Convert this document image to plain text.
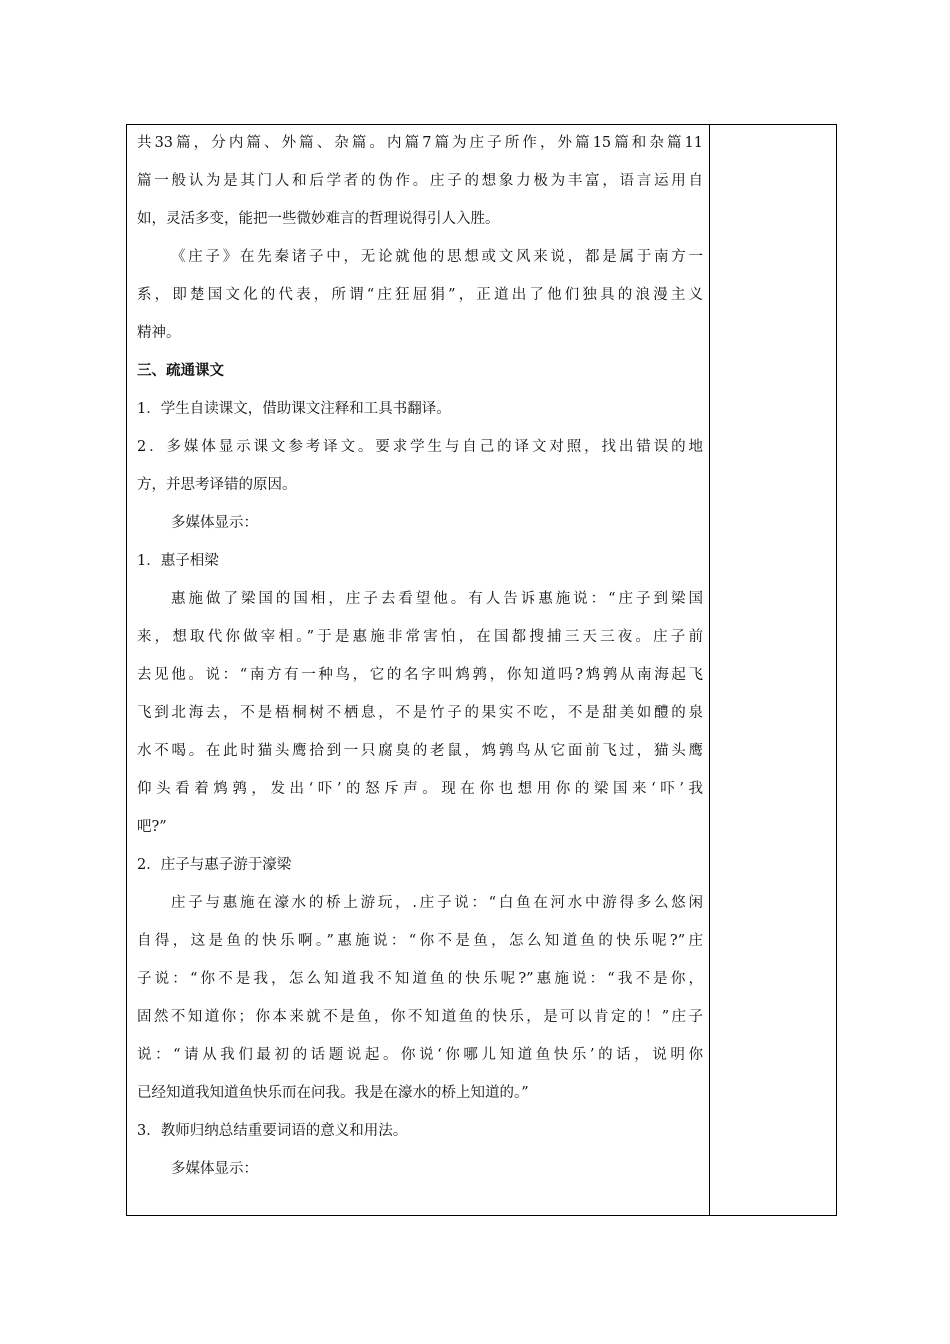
共33篇，分内篇、外篇、杂篇。内篇7篇为庄子所作，外篇15篇和杂篇11
篇一般认为是其门人和后学者的伪作。庄子的想象力极为丰富，语言运用自
如，灵活多变，能把一些微妙难言的哲理说得引人入胜。
《庄子》在先秦诸子中，无论就他的思想或文风来说，都是属于南方一
系，即楚国文化的代表，所谓“庄狂屈狷”，正道出了他们独具的浪漫主义
精神。
三、疏通课文
1．学生自读课文，借助课文注释和工具书翻译。
2．多媒体显示课文参考译文。要求学生与自己的译文对照，找出错误的地
方，并思考译错的原因。
多媒体显示：
1．惠子相梁
惠施做了梁国的国相，庄子去看望他。有人告诉惠施说：“庄子到梁国
来，想取代你做宰相。”于是惠施非常害怕，在国都搜捕三天三夜。庄子前
去见他。说：“南方有一种鸟，它的名字叫鸩鹑，你知道吗?鸩鹑从南海起飞
飞到北海去，不是梧桐树不栖息，不是竹子的果实不吃，不是甜美如醴的泉
水不喝。在此时猫头鹰拾到一只腐臭的老鼠，鸩鹑鸟从它面前飞过，猫头鹰
仰头看着鸩鹑，发出‘吓’的怒斥声。现在你也想用你的梁国来‘吓’我
吧?”
2．庄子与惠子游于濠梁
庄子与惠施在濠水的桥上游玩，.庄子说：“白鱼在河水中游得多么悠闲
自得，这是鱼的快乐啊。”惠施说：“你不是鱼，怎么知道鱼的快乐呢?”庄
子说：“你不是我，怎么知道我不知道鱼的快乐呢?”惠施说：“我不是你，
固然不知道你；你本来就不是鱼，你不知道鱼的快乐，是可以肯定的！”庄子
说：“请从我们最初的话题说起。你说‘你哪儿知道鱼快乐’的话，说明你
已经知道我知道鱼快乐而在问我。我是在濠水的桥上知道的。”
3．教师归纳总结重要词语的意义和用法。
多媒体显示：
